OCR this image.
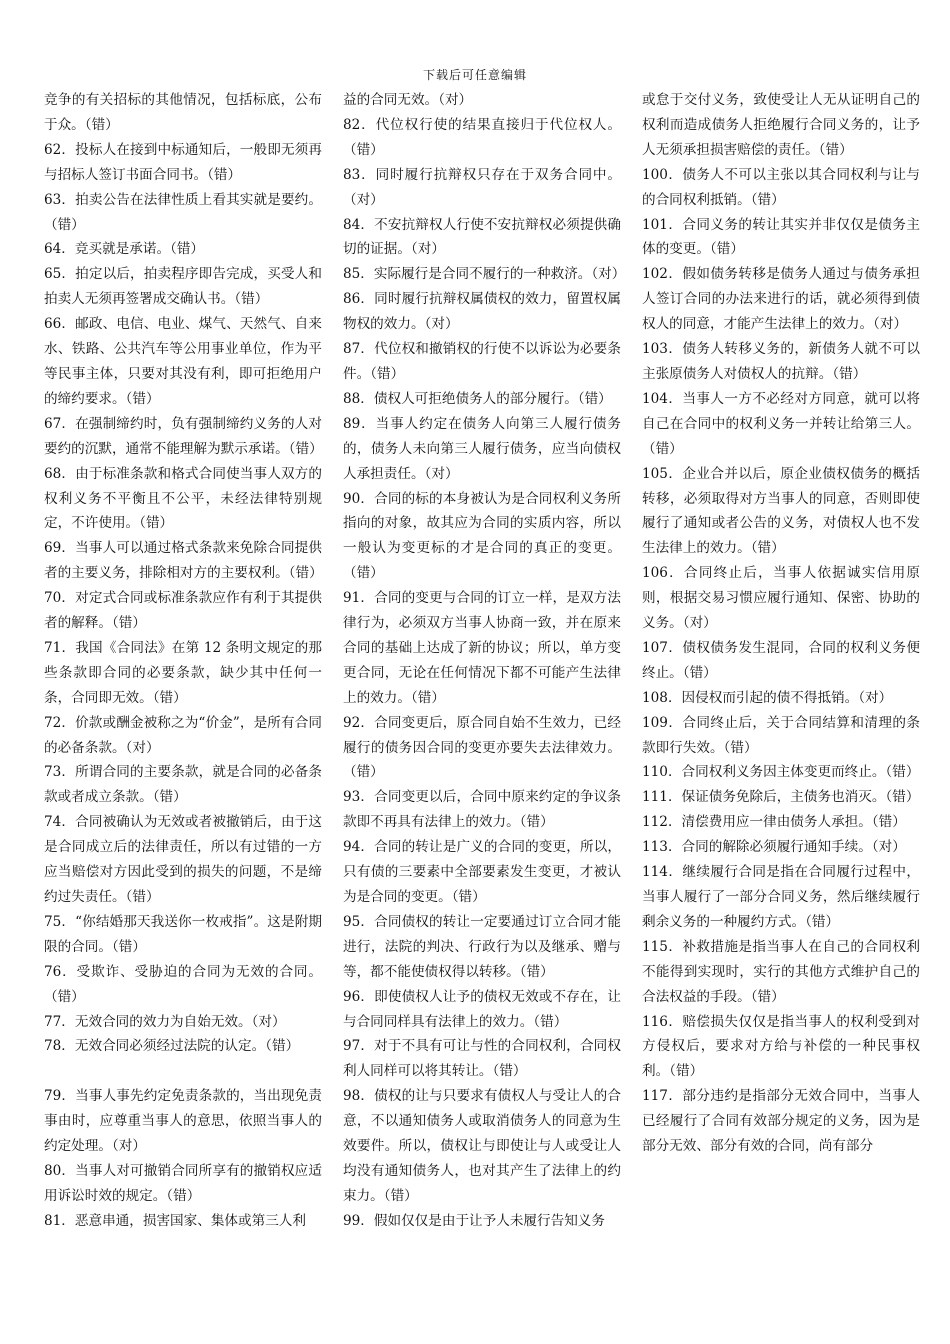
下载后可任意编辑

竞争的有关招标的其他情况，包括标底，公布于众。（错）

62．投标人在接到中标通知后，一般即无须再与招标人签订书面合同书。（错）

63．拍卖公告在法律性质上看其实就是要约。（错）

64．竞买就是承诺。（错）

65．拍定以后，拍卖程序即告完成，买受人和拍卖人无须再签署成交确认书。（错）

66．邮政、电信、电业、煤气、天然气、自来水、铁路、公共汽车等公用事业单位，作为平等民事主体，只要对其没有利，即可拒绝用户的缔约要求。（错）

67．在强制缔约时，负有强制缔约义务的人对要约的沉默，通常不能理解为默示承诺。（错）

68．由于标准条款和格式合同使当事人双方的权利义务不平衡且不公平，未经法律特别规定，不许使用。（错）

69．当事人可以通过格式条款来免除合同提供者的主要义务，排除相对方的主要权利。（错）

70．对定式合同或标准条款应作有利于其提供者的解释。（错）

71．我国《合同法》在第 12 条明文规定的那些条款即合同的必要条款，缺少其中任何一条，合同即无效。（错）

72．价款或酬金被称之为“价金”，是所有合同的必备条款。（对）

73．所谓合同的主要条款，就是合同的必备条款或者成立条款。（错）

74．合同被确认为无效或者被撤销后，由于这是合同成立后的法律责任，所以有过错的一方应当赔偿对方因此受到的损失的问题，不是缔约过失责任。（错）

75．“你结婚那天我送你一枚戒指”。这是附期限的合同。（错）

76．受欺诈、受胁迫的合同为无效的合同。（错）

77．无效合同的效力为自始无效。（对）

78．无效合同必须经过法院的认定。（错）

79．当事人事先约定免责条款的，当出现免责事由时，应尊重当事人的意思，依照当事人的约定处理。（对）

80．当事人对可撤销合同所享有的撤销权应适用诉讼时效的规定。（错）

81．恶意串通，损害国家、集体或第三人利

益的合同无效。（对）

82．代位权行使的结果直接归于代位权人。（错）

83．同时履行抗辩权只存在于双务合同中。（对）

84．不安抗辩权人行使不安抗辩权必须提供确切的证据。（对）

85．实际履行是合同不履行的一种救济。（对）

86．同时履行抗辩权属债权的效力，留置权属物权的效力。（对）

87．代位权和撤销权的行使不以诉讼为必要条件。（错）

88．债权人可拒绝债务人的部分履行。（错）

89．当事人约定在债务人向第三人履行债务的，债务人未向第三人履行债务，应当向债权人承担责任。（对）

90．合同的标的本身被认为是合同权利义务所指向的对象，故其应为合同的实质内容，所以一般认为变更标的才是合同的真正的变更。（错）

91．合同的变更与合同的订立一样，是双方法律行为，必须双方当事人协商一致，并在原来合同的基础上达成了新的协议；所以，单方变更合同，无论在任何情况下都不可能产生法律上的效力。（错）

92．合同变更后，原合同自始不生效力，已经履行的债务因合同的变更亦要失去法律效力。（错）

93．合同变更以后，合同中原来约定的争议条款即不再具有法律上的效力。（错）

94．合同的转让是广义的合同的变更，所以，只有债的三要素中全部要素发生变更，才被认为是合同的变更。（错）

95．合同债权的转让一定要通过订立合同才能进行，法院的判决、行政行为以及继承、赠与等，都不能使债权得以转移。（错）

96．即使债权人让予的债权无效或不存在，让与合同同样具有法律上的效力。（错）

97．对于不具有可让与性的合同权利，合同权利人同样可以将其转让。（错）

98．债权的让与只要求有债权人与受让人的合意，不以通知债务人或取消债务人的同意为生效要件。所以，债权让与即使让与人或受让人均没有通知债务人，也对其产生了法律上的约束力。（错）

99．假如仅仅是由于让予人未履行告知义务

或怠于交付义务，致使受让人无从证明自己的权利而造成债务人拒绝履行合同义务的，让予人无须承担损害赔偿的责任。（错）

100．债务人不可以主张以其合同权利与让与的合同权利抵销。（错）

101．合同义务的转让其实并非仅仅是债务主体的变更。（错）

102．假如债务转移是债务人通过与债务承担人签订合同的办法来进行的话，就必须得到债权人的同意，才能产生法律上的效力。（对）

103．债务人转移义务的，新债务人就不可以主张原债务人对债权人的抗辩。（错）

104．当事人一方不必经对方同意，就可以将自己在合同中的权利义务一并转让给第三人。（错）

105．企业合并以后，原企业债权债务的概括转移，必须取得对方当事人的同意，否则即使履行了通知或者公告的义务，对债权人也不发生法律上的效力。（错）

106．合同终止后，当事人依据诚实信用原则，根据交易习惯应履行通知、保密、协助的义务。（对）

107．债权债务发生混同，合同的权利义务便终止。（错）

108．因侵权而引起的债不得抵销。（对）

109．合同终止后，关于合同结算和清理的条款即行失效。（错）

110．合同权利义务因主体变更而终止。（错）

111．保证债务免除后，主债务也消灭。（错）

112．清偿费用应一律由债务人承担。（错）

113．合同的解除必须履行通知手续。（对）

114．继续履行合同是指在合同履行过程中，当事人履行了一部分合同义务，然后继续履行剩余义务的一种履约方式。（错）

115．补救措施是指当事人在自己的合同权利不能得到实现时，实行的其他方式维护自己的合法权益的手段。（错）

116．赔偿损失仅仅是指当事人的权利受到对方侵权后，要求对方给与补偿的一种民事权利。（错）

117．部分违约是指部分无效合同中，当事人已经履行了合同有效部分规定的义务，因为是部分无效、部分有效的合同，尚有部分
